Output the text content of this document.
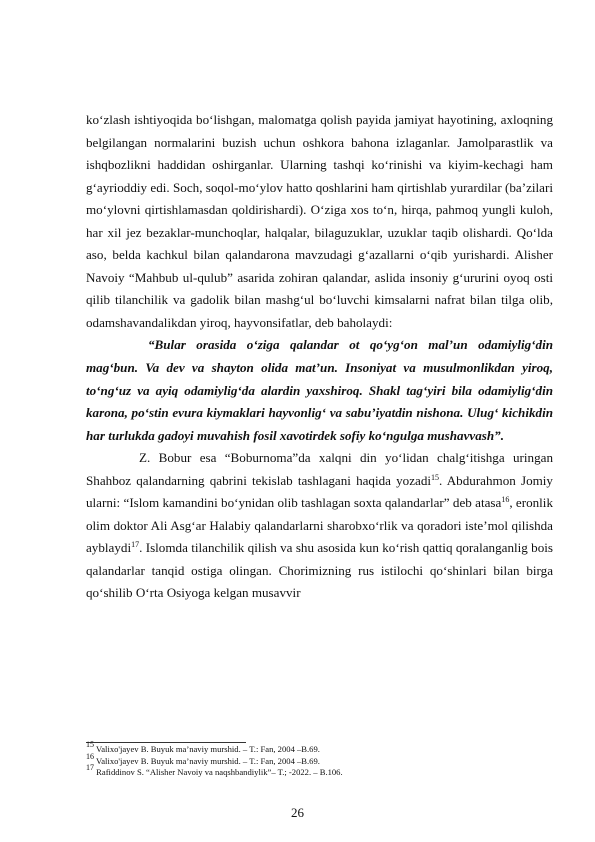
ko‘zlash ishtiyoqida bo‘lishgan, malomatga qolish payida jamiyat hayotining, axloqning belgilangan normalarini buzish uchun oshkora bahona izlaganlar. Jamolparastlik va ishqbozlikni haddidan oshirganlar. Ularning tashqi ko‘rinishi va kiyim-kechagi ham g‘ayrioddiy edi. Soch, soqol-mo‘ylov hatto qoshlarini ham qirtishlab yurardilar (ba’zilari mo‘ylovni qirtishlamasdan qoldirishardi). O‘ziga xos to‘n, hirqa, pahmoq yungli kuloh, har xil jez bezaklar-munchoqlar, halqalar, bilaguzuklar, uzuklar taqib olishardi. Qo‘lda aso, belda kachkul bilan qalandarona mavzudagi g‘azallarni o‘qib yurishardi. Alisher Navoiy “Mahbub ul-qulub” asarida zohiran qalandar, aslida insoniy g‘ururini oyoq osti qilib tilanchilik va gadolik bilan mashg‘ul bo‘luvchi kimsalarni nafrat bilan tilga olib, odamshavandalikdan yiroq, hayvonsifatlar, deb baholaydi:

“Bular orasida o‘ziga qalandar ot qo‘yg‘on mal’un odamiylig‘din mag‘bun. Va dev va shayton olida mat’un. Insoniyat va musulmonlikdan yiroq, to‘ng‘uz va ayiq odamiylig‘da alardin yaxshiroq. Shakl tag‘yiri bila odamiylig‘din karona, po‘stin evura kiymaklari hayvonlig‘ va sabu’iyatdin nishona. Ulug‘ kichikdin har turlukda gadoyi muvahish fosil xavotirdek sofiy ko‘ngulga mushavvash”.

Z. Bobur esa “Boburnoma”da xalqni din yo‘lidan chalg‘itishga uringan Shahboz qalandarning qabrini tekislab tashlagani haqida yozadi$^{15}$. Abdurahmon Jomiy ularni: “Islom kamandini bo‘ynidan olib tashlagan soxta qalandarlar” deb atasa$^{16}$, eronlik olim doktor Ali Asg‘ar Halabiy qalandarlarni sharobxo‘rlik va qoradori iste’mol qilishda ayblaydi$^{17}$. Islomda tilanchilik qilish va shu asosida kun ko‘rish qattiq qoralanganlig bois qalandarlar tanqid ostiga olingan. Chorimizning rus istilochi qo‘shinlari bilan birga qo‘shilib O‘rta Osiyoga kelgan musavvir

$^{15}$ Valixo'jayev B. Buyuk ma’naviy murshid. – T.: Fan, 2004 –B.69.
$^{16}$ Valixo'jayev B. Buyuk ma’naviy murshid. – T.: Fan, 2004 –B.69.
$^{17}$ Rafiddinov S. “Alisher Navoiy va naqshbandiylik”– T.; -2022. – B.106.
26
